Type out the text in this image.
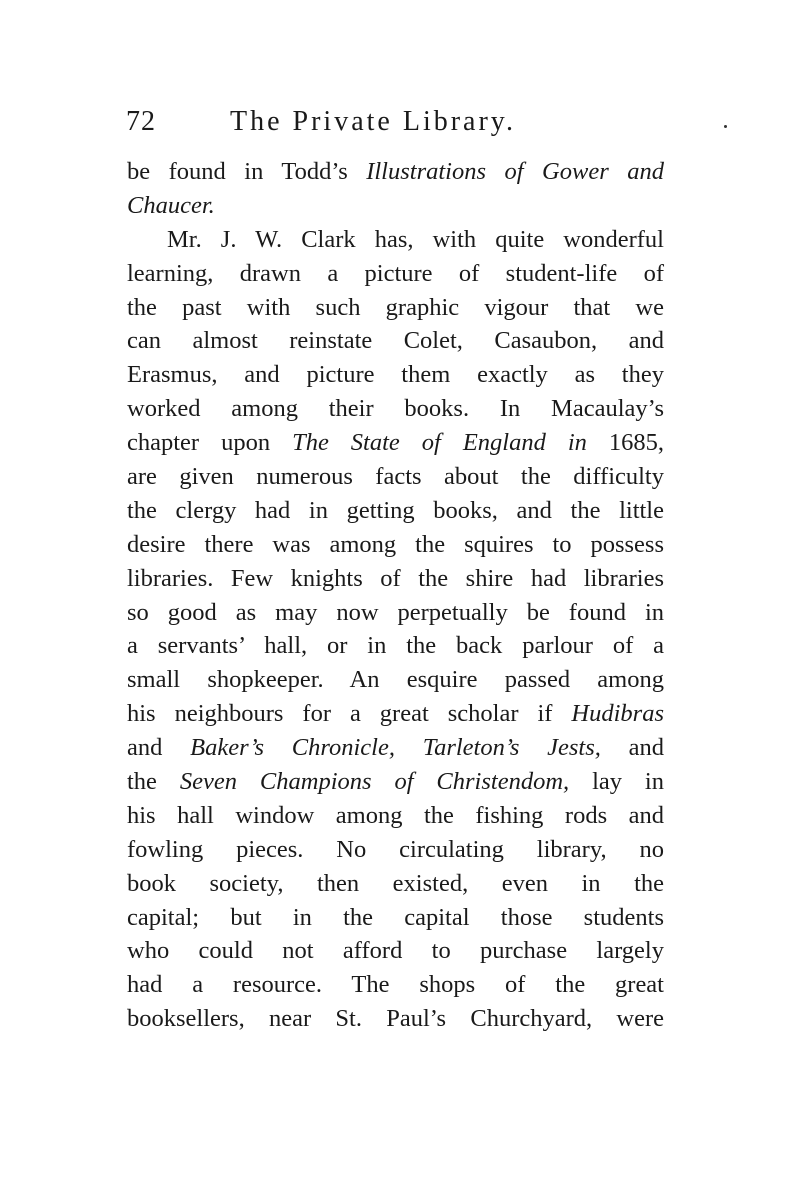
72	The Private Library.
be found in Todd’s Illustrations of Gower and
Chaucer.
Mr. J. W. Clark has, with quite wonderful
learning, drawn a picture of student-life of
the past with such graphic vigour that we
can almost reinstate Colet, Casaubon, and
Erasmus, and picture them exactly as they
worked among their books. In Macaulay’s
chapter upon The State of England in 1685,
are given numerous facts about the difficulty
the clergy had in getting books, and the little
desire there was among the squires to possess
libraries. Few knights of the shire had libraries
so good as may now perpetually be found in
a servants’ hall, or in the back parlour of a
small shopkeeper. An esquire passed among
his neighbours for a great scholar if Hudibras
and Baker’s Chronicle, Tarleton’s Jests, and
the Seven Champions of Christendom, lay in
his hall window among the fishing rods and
fowling pieces. No circulating library, no
book society, then existed, even in the
capital; but in the capital those students
who could not afford to purchase largely
had a resource. The shops of the great
booksellers, near St. Paul’s Churchyard, were
